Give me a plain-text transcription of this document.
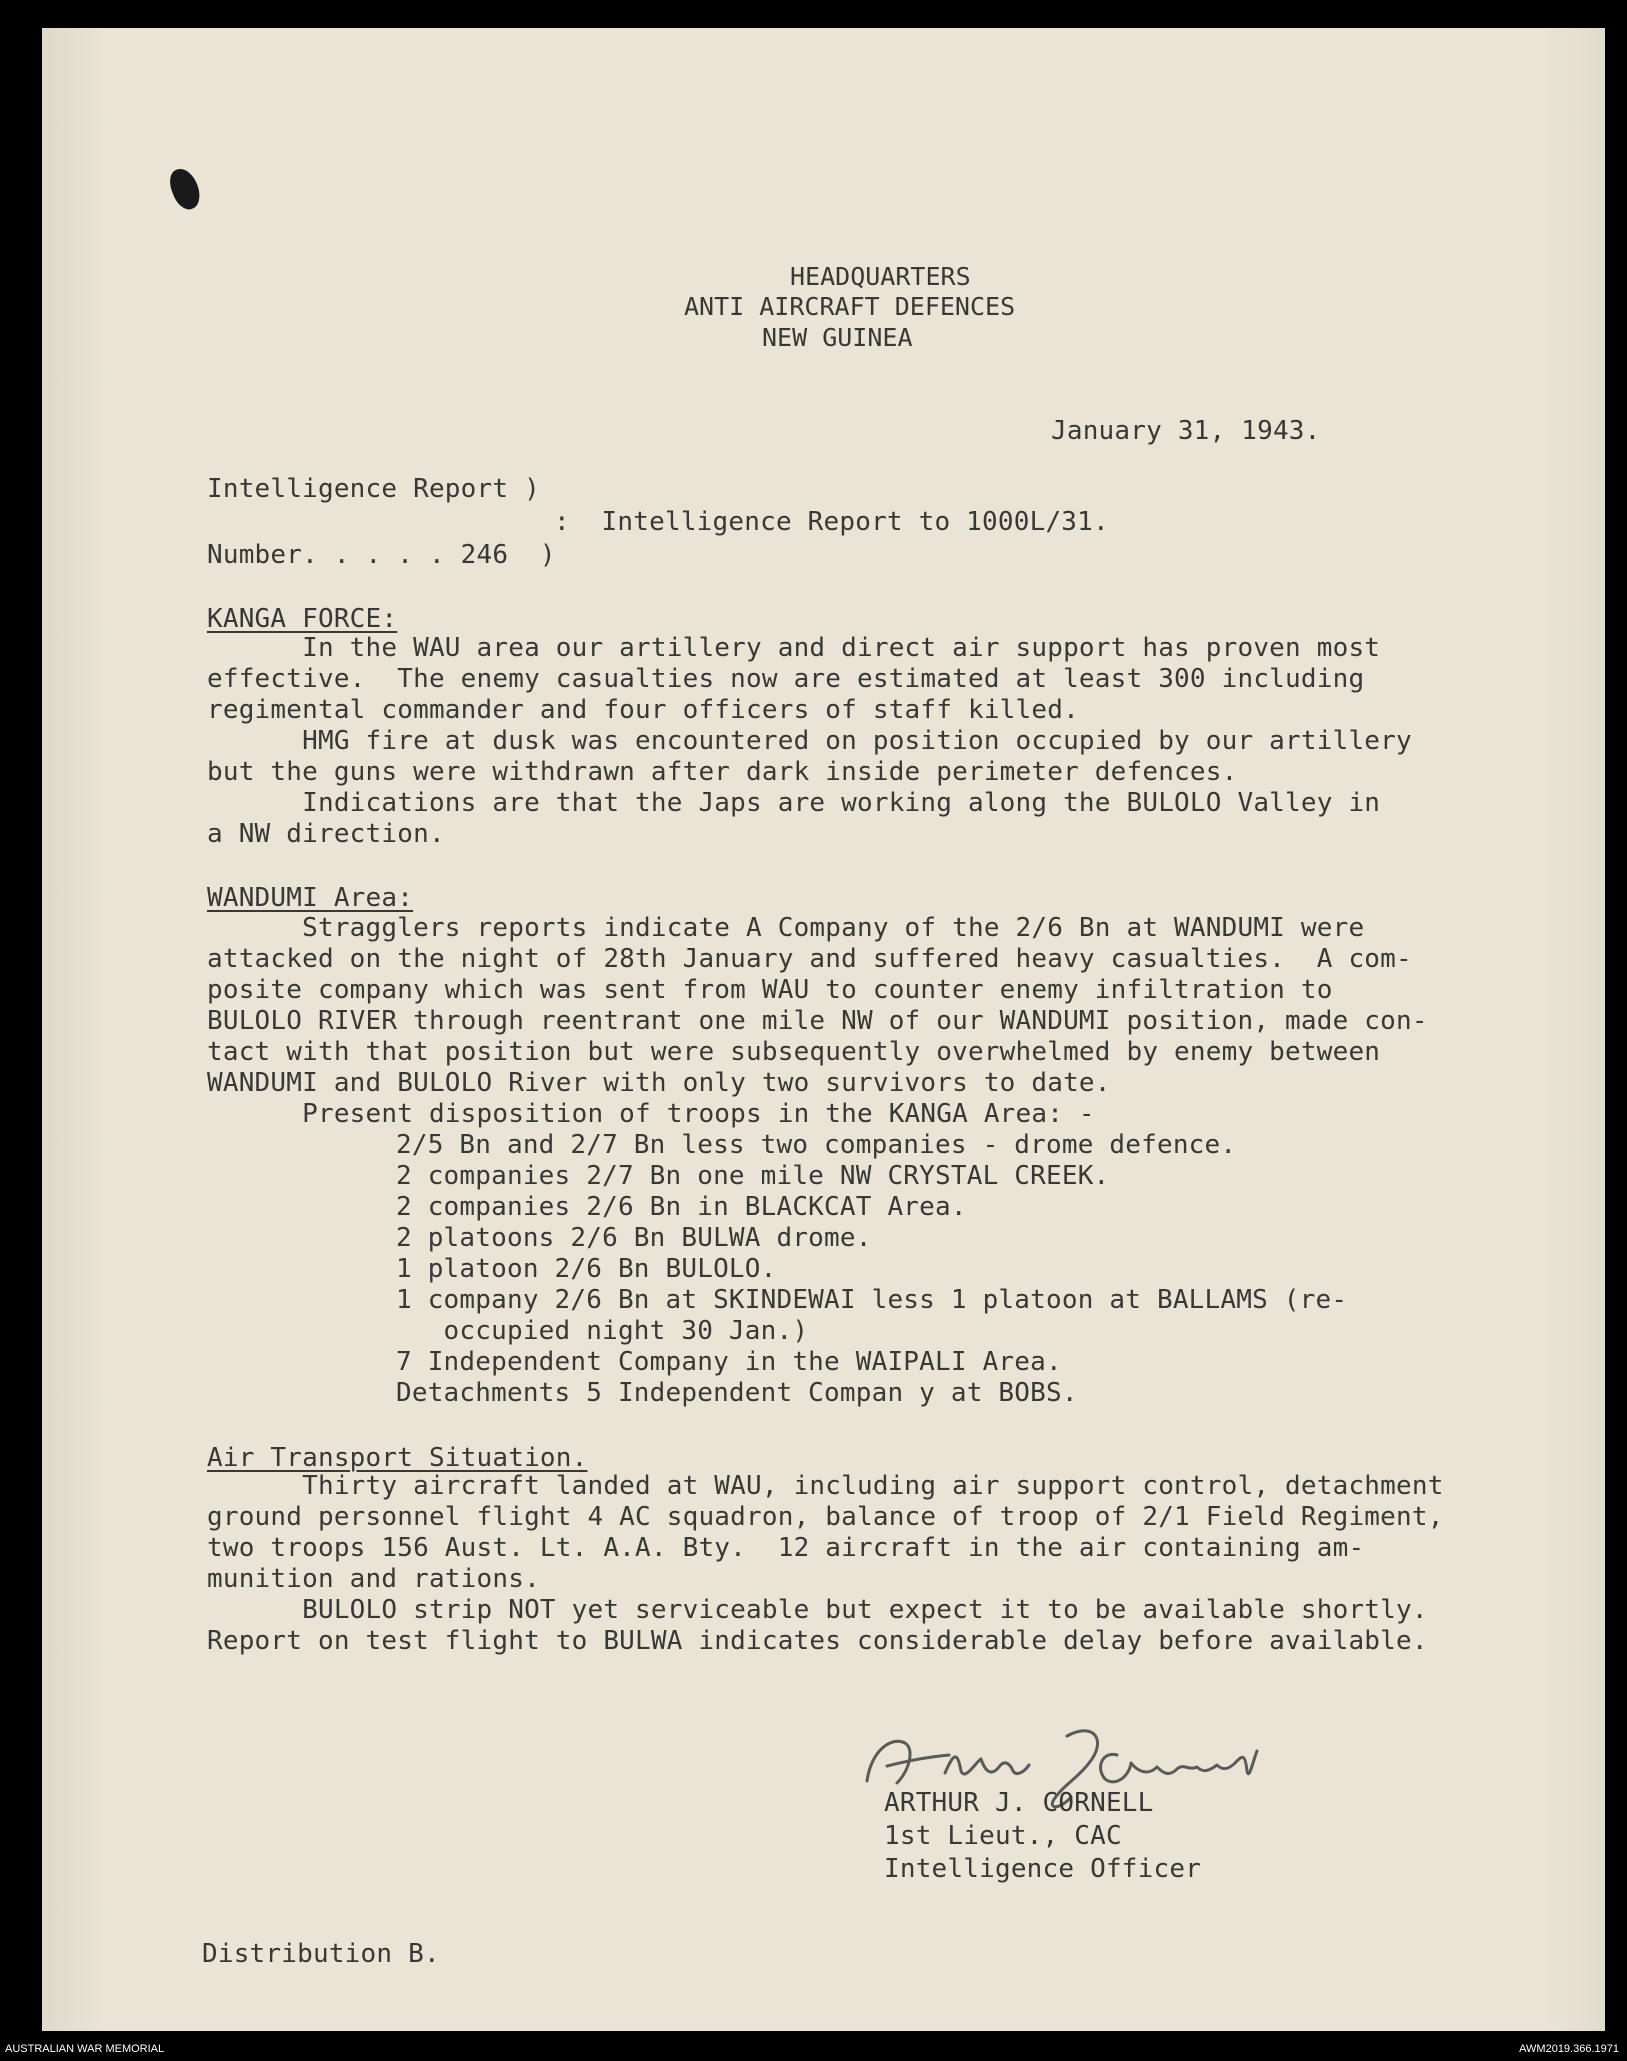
HEADQUARTERS
ANTI AIRCRAFT DEFENCES
NEW GUINEA
January 31, 1943.
Intelligence Report )
:  Intelligence Report to 1000L/31.
Number. . . . . 246  )
KANGA FORCE:
In the WAU area our artillery and direct air support has proven most
effective.  The enemy casualties now are estimated at least 300 including
regimental commander and four officers of staff killed.
HMG fire at dusk was encountered on position occupied by our artillery
but the guns were withdrawn after dark inside perimeter defences.
Indications are that the Japs are working along the BULOLO Valley in
a NW direction.
WANDUMI Area:
Stragglers reports indicate A Company of the 2/6 Bn at WANDUMI were
attacked on the night of 28th January and suffered heavy casualties.  A com-
posite company which was sent from WAU to counter enemy infiltration to
BULOLO RIVER through reentrant one mile NW of our WANDUMI position, made con-
tact with that position but were subsequently overwhelmed by enemy between
WANDUMI and BULOLO River with only two survivors to date.
Present disposition of troops in the KANGA Area: -
2/5 Bn and 2/7 Bn less two companies - drome defence.
2 companies 2/7 Bn one mile NW CRYSTAL CREEK.
2 companies 2/6 Bn in BLACKCAT Area.
2 platoons 2/6 Bn BULWA drome.
1 platoon 2/6 Bn BULOLO.
1 company 2/6 Bn at SKINDEWAI less 1 platoon at BALLAMS (re-
occupied night 30 Jan.)
7 Independent Company in the WAIPALI Area.
Detachments 5 Independent Compan y at BOBS.
Air Transport Situation.
Thirty aircraft landed at WAU, including air support control, detachment
ground personnel flight 4 AC squadron, balance of troop of 2/1 Field Regiment,
two troops 156 Aust. Lt. A.A. Bty.  12 aircraft in the air containing am-
munition and rations.
BULOLO strip NOT yet serviceable but expect it to be available shortly.
Report on test flight to BULWA indicates considerable delay before available.
ARTHUR J. CORNELL
1st Lieut., CAC
Intelligence Officer
Distribution B.
AUSTRALIAN WAR MEMORIAL	AWM2019.366.1971
